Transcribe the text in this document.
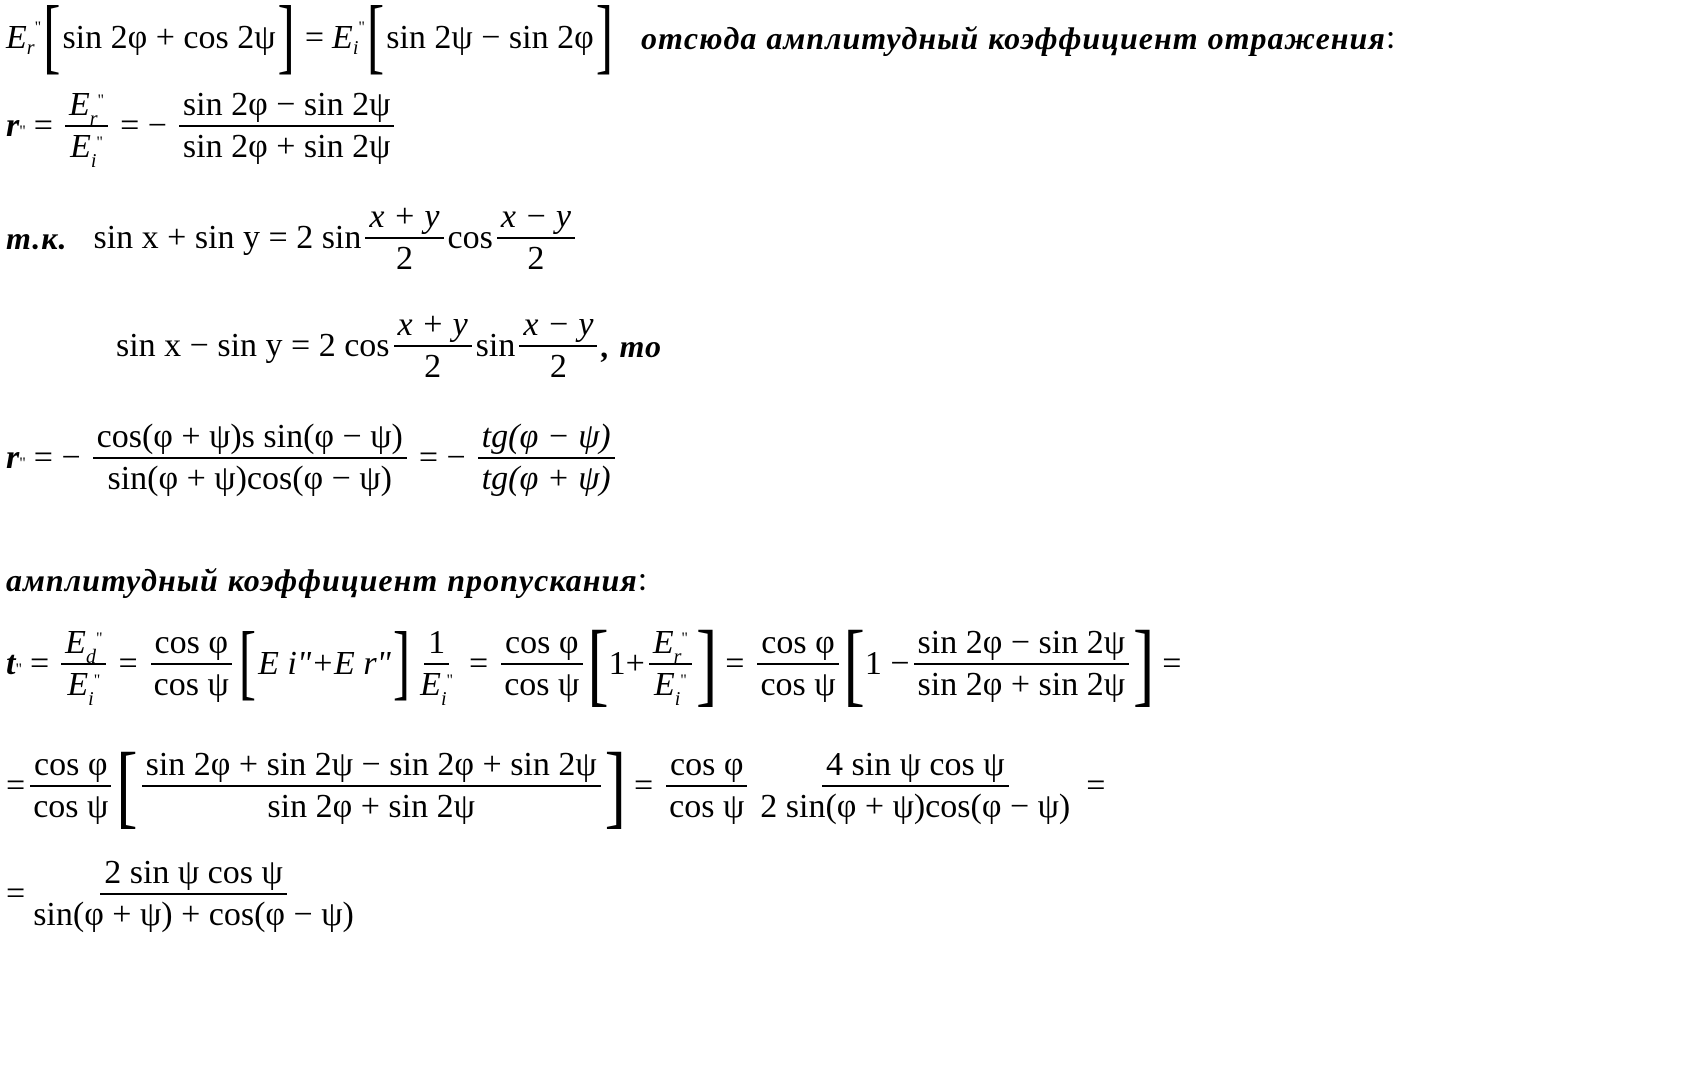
E r
" [ sin 2φ + cos 2ψ ] = E i
" [ sin 2ψ − sin 2φ ] отсюда амплитудный коэффициент отражения :
r " = $\frac{E_r^"}{E_i^"}$ = − $\frac{\sin 2\varphi - \sin 2\psi}{\sin 2\varphi + \sin 2\psi}$
т.к. sin x + sin y = 2 $\sin \frac{x + y}{2}$ $\cos \frac{x - y}{2}$
sin x − sin y = 2 $\cos \frac{x + y}{2}$ $\sin \frac{x - y}{2}$ , то
r " = − $\frac{\text{cos(φ + ψ)s sin(φ − ψ)}}{\sin(\varphi + \psi)\cos(\varphi - \psi)}$ = − $\frac{tg(\varphi - \psi)}{tg(\varphi + \psi)}$
амплитудный коэффициент пропускания :
t " = $\frac{E_d^"}{E_i^"} = \frac{\text{cos φ}}{\text{cos ψ}}$ [ E i"+E r" ] $\frac{1}{E_i^"} = \frac{\text{cos φ}}{\text{cos ψ}}$ [ $1+ \frac{E_r^"}{E_i^"}$ ] = $\frac{\text{cos φ}}{\text{cos ψ}}$ [ $1 - \frac{\sin 2\varphi - \sin 2\psi}{\sin 2\varphi + \sin 2\psi}$ ] =
= $\frac{\text{cos φ}}{\text{cos ψ}}$ [ $\frac{\sin 2\varphi + \sin 2\psi - \sin 2\varphi + \sin 2\psi}{\sin 2\varphi + \sin 2\psi}$ ] = $\frac{\text{cos φ}}{\text{cos ψ}} \frac{\text{4 sin ψ cos ψ}}{2 \sin(\varphi + \psi)\cos(\varphi - \psi)}$ =
= $\frac{\text{2 sin ψ cos ψ}}{\sin(\varphi + \psi) + \cos(\varphi - \psi)}$
